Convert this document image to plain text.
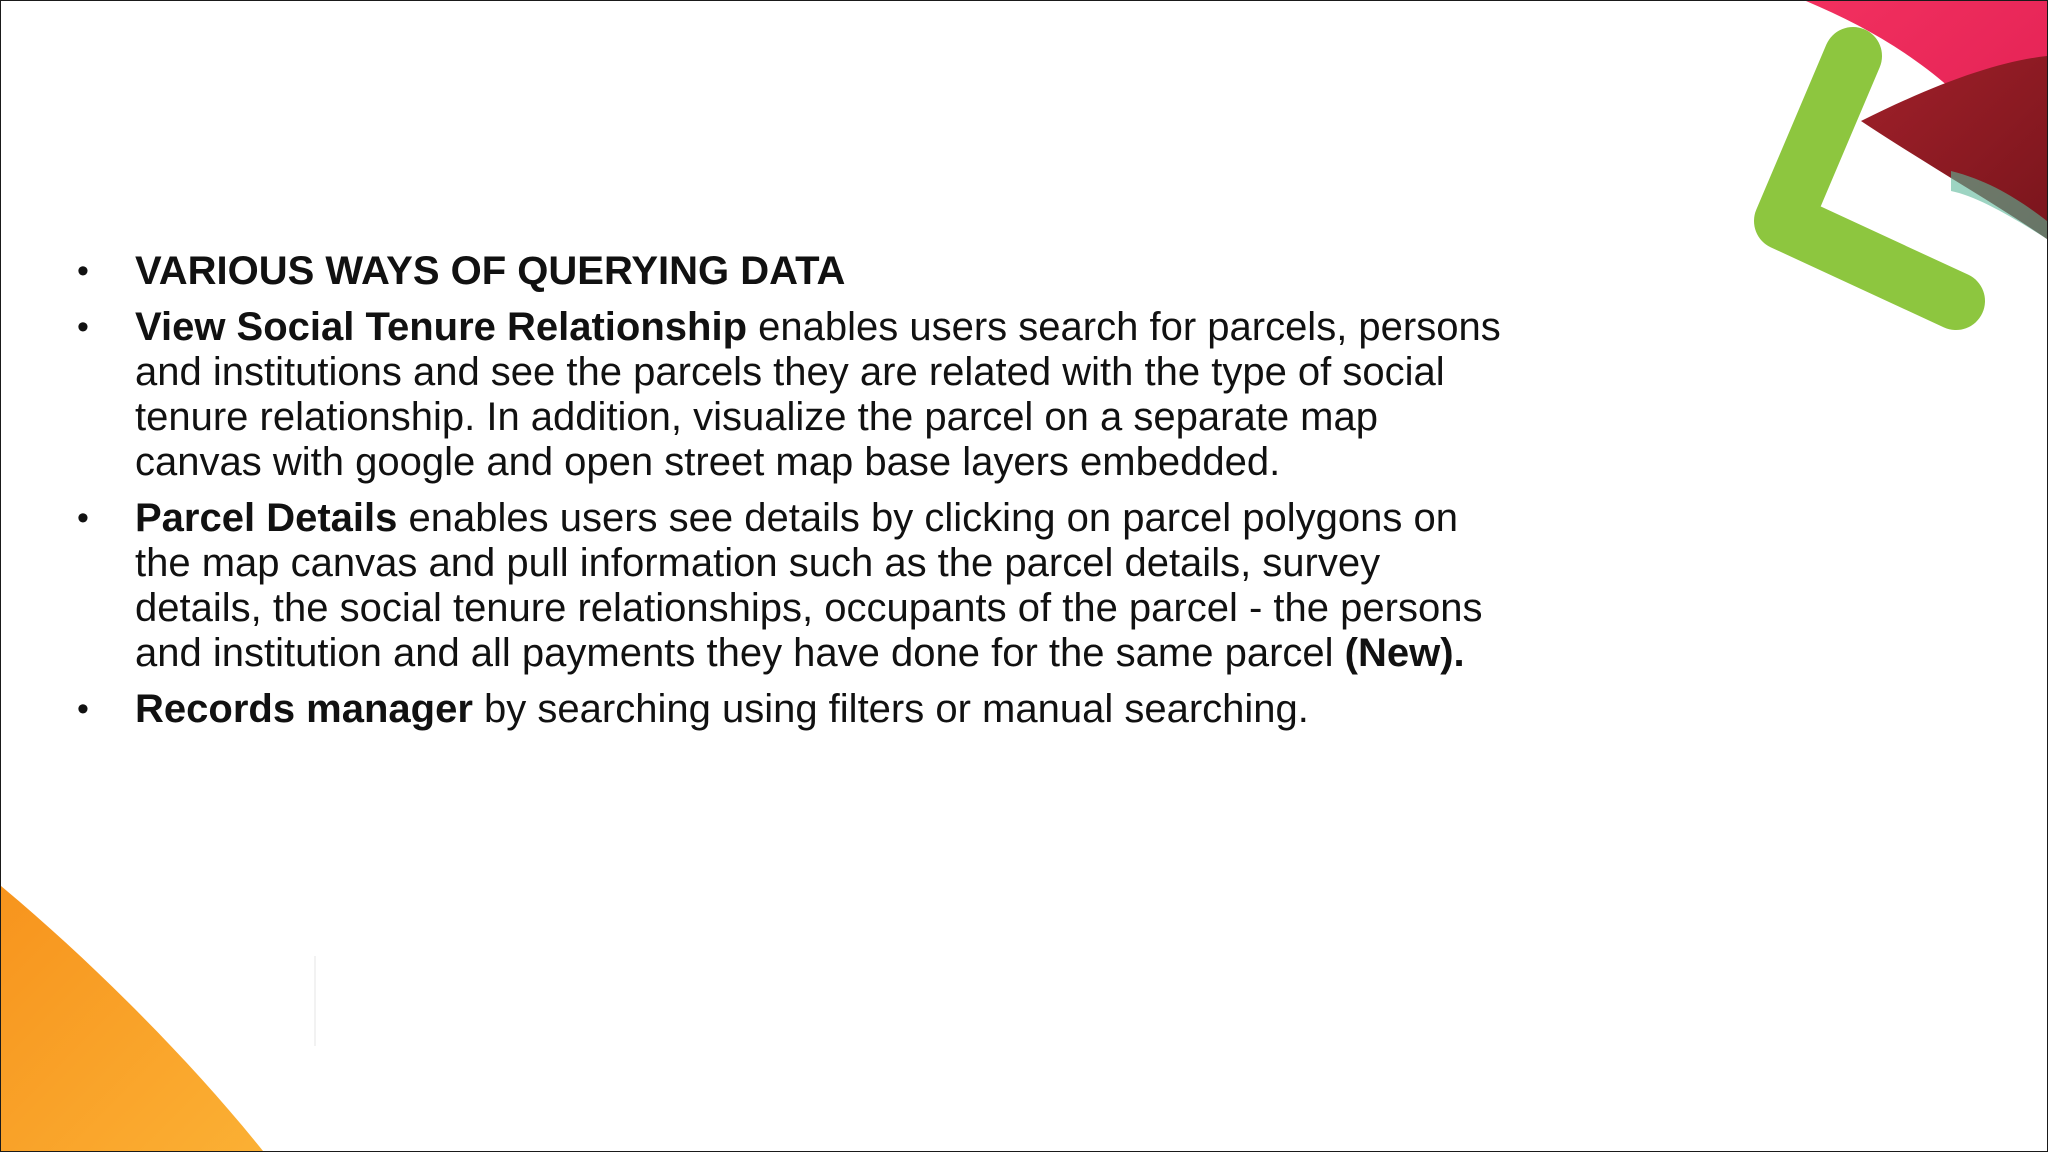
• VARIOUS WAYS OF QUERYING DATA
• View Social Tenure Relationship enables users search for parcels, persons and institutions and see the parcels they are related with the type of social tenure relationship. In addition, visualize the parcel on a separate map canvas with google and open street map base layers embedded.
• Parcel Details enables users see details by clicking on parcel polygons on the map canvas and pull information such as the parcel details, survey details, the social tenure relationships, occupants of the parcel - the persons and institution and all payments they have done for the same parcel (New).
• Records manager by searching using filters or manual searching.
